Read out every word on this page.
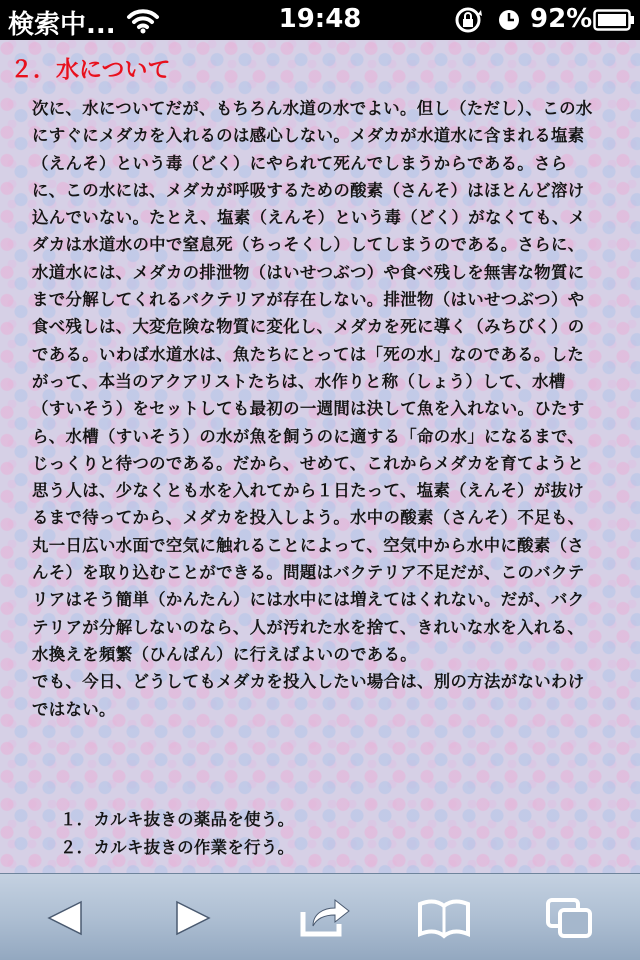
検索中...	19:48	92%
２．水について

次に、水についてだが、もちろん水道の水でよい。但し（ただし）、この水にすぐにメダカを入れるのは感心しない。メダカが水道水に含まれる塩素（えんそ）という毒（どく）にやられて死んでしまうからである。さらに、この水には、メダカが呼吸するための酸素（さんそ）はほとんど溶け込んでいない。たとえ、塩素（えんそ）という毒（どく）がなくても、メダカは水道水の中で窒息死（ちっそくし）してしまうのである。さらに、水道水には、メダカの排泄物（はいせつぶつ）や食べ残しを無害な物質にまで分解してくれるバクテリアが存在しない。排泄物（はいせつぶつ）や食べ残しは、大変危険な物質に変化し、メダカを死に導く（みちびく）のである。いわば水道水は、魚たちにとっては「死の水」なのである。したがって、本当のアクアリストたちは、水作りと称（しょう）して、水槽（すいそう）をセットしても最初の一週間は決して魚を入れない。ひたすら、水槽（すいそう）の水が魚を飼うのに適する「命の水」になるまで、じっくりと待つのである。だから、せめて、これからメダカを育てようと思う人は、少なくとも水を入れてから１日たって、塩素（えんそ）が抜けるまで待ってから、メダカを投入しよう。水中の酸素（さんそ）不足も、丸一日広い水面で空気に触れることによって、空気中から水中に酸素（さんそ）を取り込むことができる。問題はバクテリア不足だが、このバクテリアはそう簡単（かんたん）には水中には増えてはくれない。だが、バクテリアが分解しないのなら、人が汚れた水を捨て、きれいな水を入れる、水換えを頻繁（ひんぱん）に行えばよいのである。
でも、今日、どうしてもメダカを投入したい場合は、別の方法がないわけではない。

１．カルキ抜きの薬品を使う。
２．カルキ抜きの作業を行う。
